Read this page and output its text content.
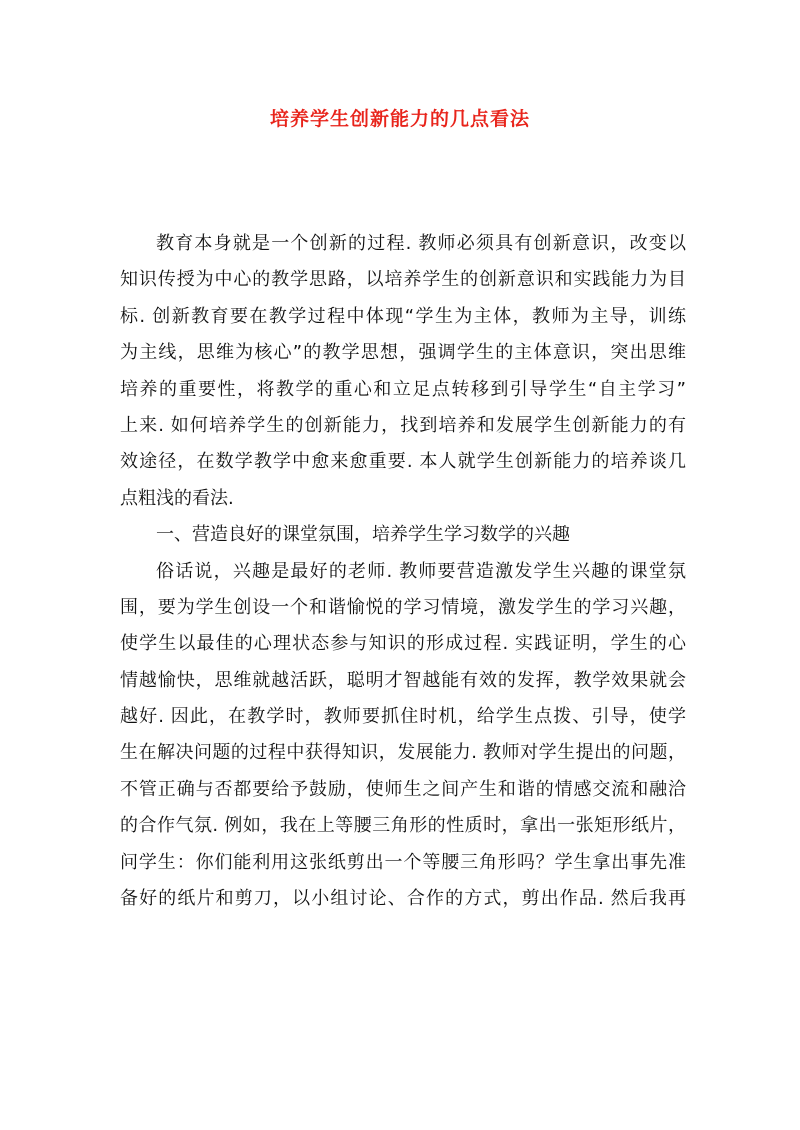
培养学生创新能力的几点看法
教育本身就是一个创新的过程. 教师必须具有创新意识，改变以
知识传授为中心的教学思路，以培养学生的创新意识和实践能力为目
标. 创新教育要在教学过程中体现“学生为主体，教师为主导，训练
为主线，思维为核心”的教学思想，强调学生的主体意识，突出思维
培养的重要性，将教学的重心和立足点转移到引导学生“自主学习”
上来. 如何培养学生的创新能力，找到培养和发展学生创新能力的有
效途径，在数学教学中愈来愈重要. 本人就学生创新能力的培养谈几
点粗浅的看法.
一、营造良好的课堂氛围，培养学生学习数学的兴趣
俗话说，兴趣是最好的老师. 教师要营造激发学生兴趣的课堂氛
围，要为学生创设一个和谐愉悦的学习情境，激发学生的学习兴趣，
使学生以最佳的心理状态参与知识的形成过程. 实践证明，学生的心
情越愉快，思维就越活跃，聪明才智越能有效的发挥，教学效果就会
越好. 因此，在教学时，教师要抓住时机，给学生点拨、引导，使学
生在解决问题的过程中获得知识，发展能力. 教师对学生提出的问题，
不管正确与否都要给予鼓励，使师生之间产生和谐的情感交流和融洽
的合作气氛. 例如，我在上等腰三角形的性质时，拿出一张矩形纸片，
问学生：你们能利用这张纸剪出一个等腰三角形吗？学生拿出事先准
备好的纸片和剪刀，以小组讨论、合作的方式，剪出作品. 然后我再
